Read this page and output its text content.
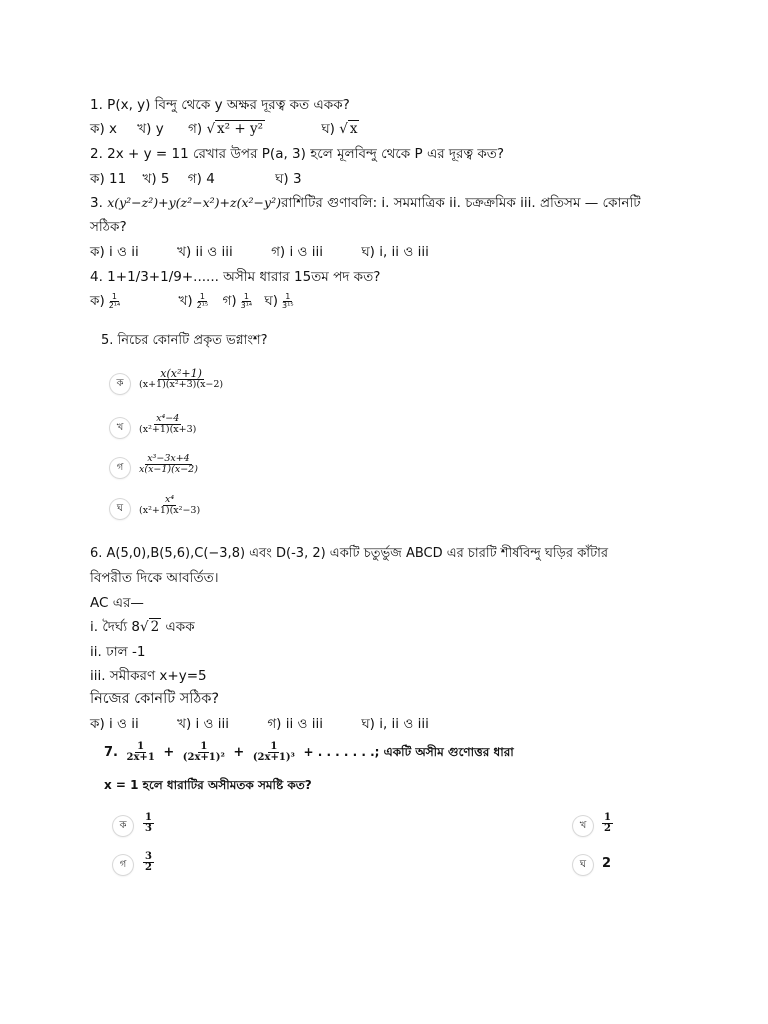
1. P(x, y) বিন্দু থেকে y অক্ষর দূরত্ব কত একক?
ক) x খ) y গ) √ x² + y²	ঘ) √ x
2. 2x + y = 11 রেখার উপর P(a, 3) হলে মূলবিন্দু থেকে P এর দূরত্ব কত?
ক) 11 খ) 5 গ) 4	ঘ) 3
3. x(y²−z²)+y(z²−x²)+z(x²−y²)রাশিটির গুণাবলি: i. সমমাত্রিক ii. চক্রক্রমিক iii. প্রতিসম — কোনটি
সঠিক?
ক) i ও ii	খ) ii ও iii	গ) i ও iii	ঘ) i, ii ও iii
4. 1+1/3+1/9+...... অসীম ধারার 15তম পদ কত?
ক) $\frac{1}{\text{2¹⁴}}$	খ) $\frac{1}{\text{2¹⁵}}$ গ) $\frac{1}{\text{3¹⁴}}$ ঘ) $\frac{1}{\text{3¹⁵}}$
5. নিচের কোনটি প্রকৃত ভগ্নাংশ?
ক	$\frac{\text{x(x²+1)}}{\text{(x+1)(x²+3)(x−2)}}$
খ	$\frac{\text{x⁴−4}}{\text{(x²+1)(x+3)}}$
গ	$\frac{\text{x³−3x+4}}{x(x-1)(x-2)}$
ঘ	$\frac{\text{x⁴}}{\text{(x²+1)(x²−3)}}$
6. A(5,0),B(5,6),C(−3,8) এবং D(-3, 2) একটি চতুর্ভুজ ABCD এর চারটি শীর্ষবিন্দু ঘড়ির কাঁটার
বিপরীত দিকে আবর্তিত।
AC এর—
i. দৈর্ঘ্য 8√ 2 একক
ii. ঢাল -1
iii. সমীকরণ x+y=5
নিজের কোনটি সঠিক?
ক) i ও ii	খ) i ও iii	গ) ii ও iii	ঘ) i, ii ও iii
7. $\frac{1}{2x+1} + \frac{1}{\text{(2x+1)²}} + \frac{1}{\text{(2x+1)³}}$ + . . . . . . .; একটি অসীম গুণোত্তর ধারা
x = 1 হলে ধারাটির অসীমতক সমষ্টি কত?
ক	$\frac{1}{3}$	খ	$\frac{1}{2}$
গ	$\frac{3}{2}$	ঘ	2
